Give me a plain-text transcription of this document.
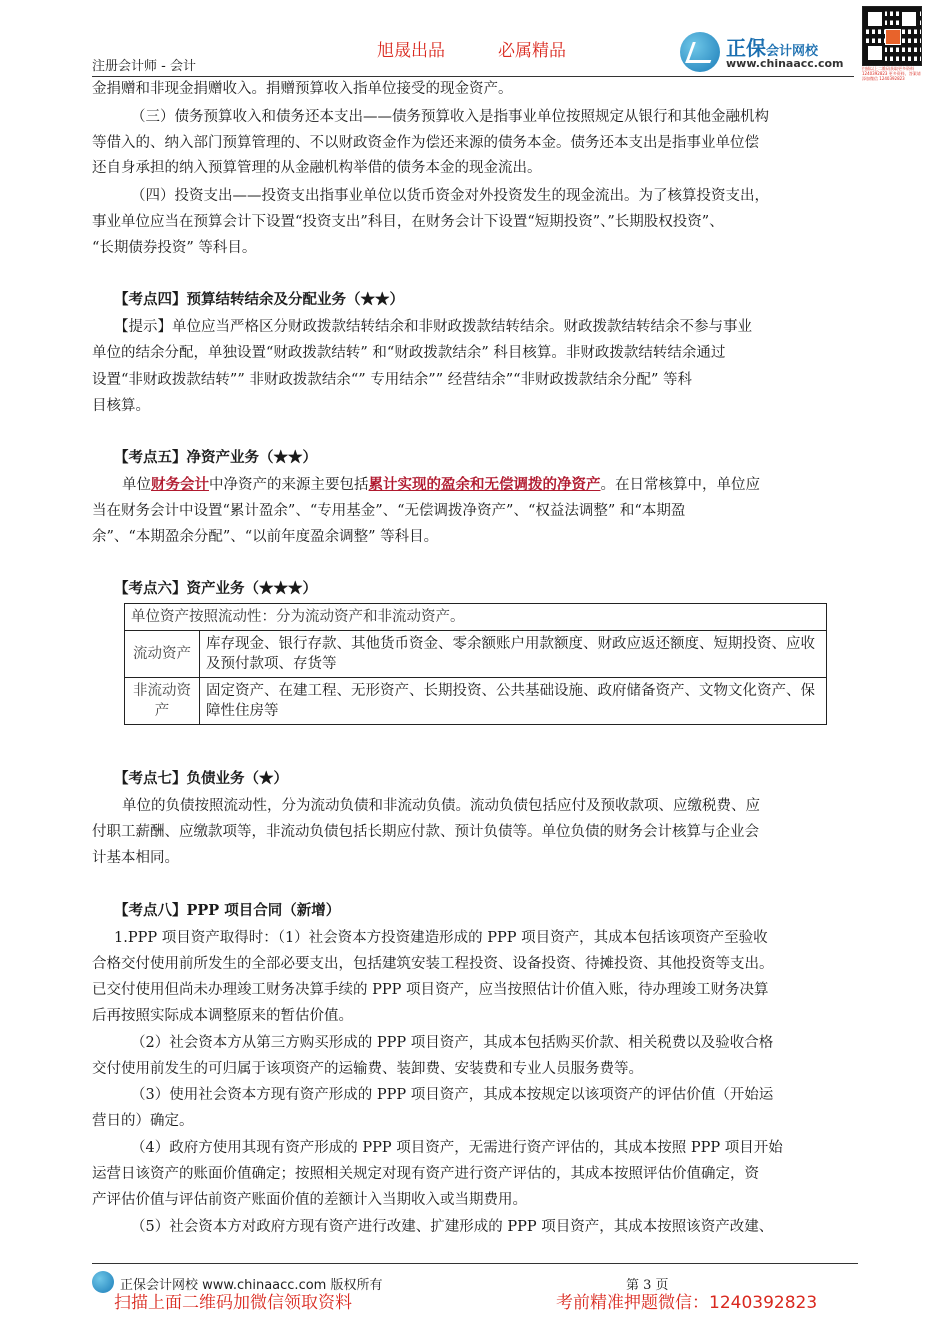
旭晟出品	必属精品
注册会计师 - 会计
正保会计网校
www.chinaacc.com	扫描以上二维码获取更多资料 1240392823 更多资料、答案请添加微信 1240392823

金捐赠和非现金捐赠收入。捐赠预算收入指单位接受的现金资产。

（三）债务预算收入和债务还本支出——债务预算收入是指事业单位按照规定从银行和其他金融机构

等借入的、纳入部门预算管理的、不以财政资金作为偿还来源的债务本金。债务还本支出是指事业单位偿

还自身承担的纳入预算管理的从金融机构举借的债务本金的现金流出。

（四）投资支出——投资支出指事业单位以货币资金对外投资发生的现金流出。为了核算投资支出，

事业单位应当在预算会计下设置“投资支出”科目，在财务会计下设置“短期投资”、”长期股权投资”、

“长期债券投资” 等科目。

【考点四】预算结转结余及分配业务（★★）

【提示】单位应当严格区分财政拨款结转结余和非财政拨款结转结余。财政拨款结转结余不参与事业

单位的结余分配，单独设置“财政拨款结转” 和“财政拨款结余” 科目核算。非财政拨款结转结余通过

设置“非财政拨款结转”” 非财政拨款结余“” 专用结余”” 经营结余”“非财政拨款结余分配” 等科

目核算。

【考点五】净资产业务（★★）

单位财务会计中净资产的来源主要包括累计实现的盈余和无偿调拨的净资产。在日常核算中，单位应

当在财务会计中设置“累计盈余”、“专用基金”、“无偿调拨净资产”、“权益法调整” 和“本期盈

余”、“本期盈余分配”、“以前年度盈余调整” 等科目。

【考点六】资产业务（★★★）

单位资产按照流动性：分为流动资产和非流动资产。	
流动资产	库存现金、银行存款、其他货币资金、零余额账户用款额度、财政应返还额度、短期投资、应收及预付款项、存货等
非流动资产	固定资产、在建工程、无形资产、长期投资、公共基础设施、政府储备资产、文物文化资产、保障性住房等

【考点七】负债业务（★）

单位的负债按照流动性，分为流动负债和非流动负债。流动负债包括应付及预收款项、应缴税费、应

付职工薪酬、应缴款项等，非流动负债包括长期应付款、预计负债等。单位负债的财务会计核算与企业会

计基本相同。

【考点八】PPP 项目合同（新增）

1.PPP 项目资产取得时：（1）社会资本方投资建造形成的 PPP 项目资产，其成本包括该项资产至验收

合格交付使用前所发生的全部必要支出，包括建筑安装工程投资、设备投资、待摊投资、其他投资等支出。

已交付使用但尚未办理竣工财务决算手续的 PPP 项目资产，应当按照估计价值入账，待办理竣工财务决算

后再按照实际成本调整原来的暂估价值。

（2）社会资本方从第三方购买形成的 PPP 项目资产，其成本包括购买价款、相关税费以及验收合格

交付使用前发生的可归属于该项资产的运输费、装卸费、安装费和专业人员服务费等。

（3）使用社会资本方现有资产形成的 PPP 项目资产，其成本按规定以该项资产的评估价值（开始运

营日的）确定。

（4）政府方使用其现有资产形成的 PPP 项目资产，无需进行资产评估的，其成本按照 PPP 项目开始

运营日该资产的账面价值确定；按照相关规定对现有资产进行资产评估的，其成本按照评估价值确定，资

产评估价值与评估前资产账面价值的差额计入当期收入或当期费用。

（5）社会资本方对政府方现有资产进行改建、扩建形成的 PPP 项目资产，其成本按照该资产改建、

正保会计网校 www.chinaacc.com 版权所有	第 3 页
扫描上面二维码加微信领取资料	考前精准押题微信：1240392823
